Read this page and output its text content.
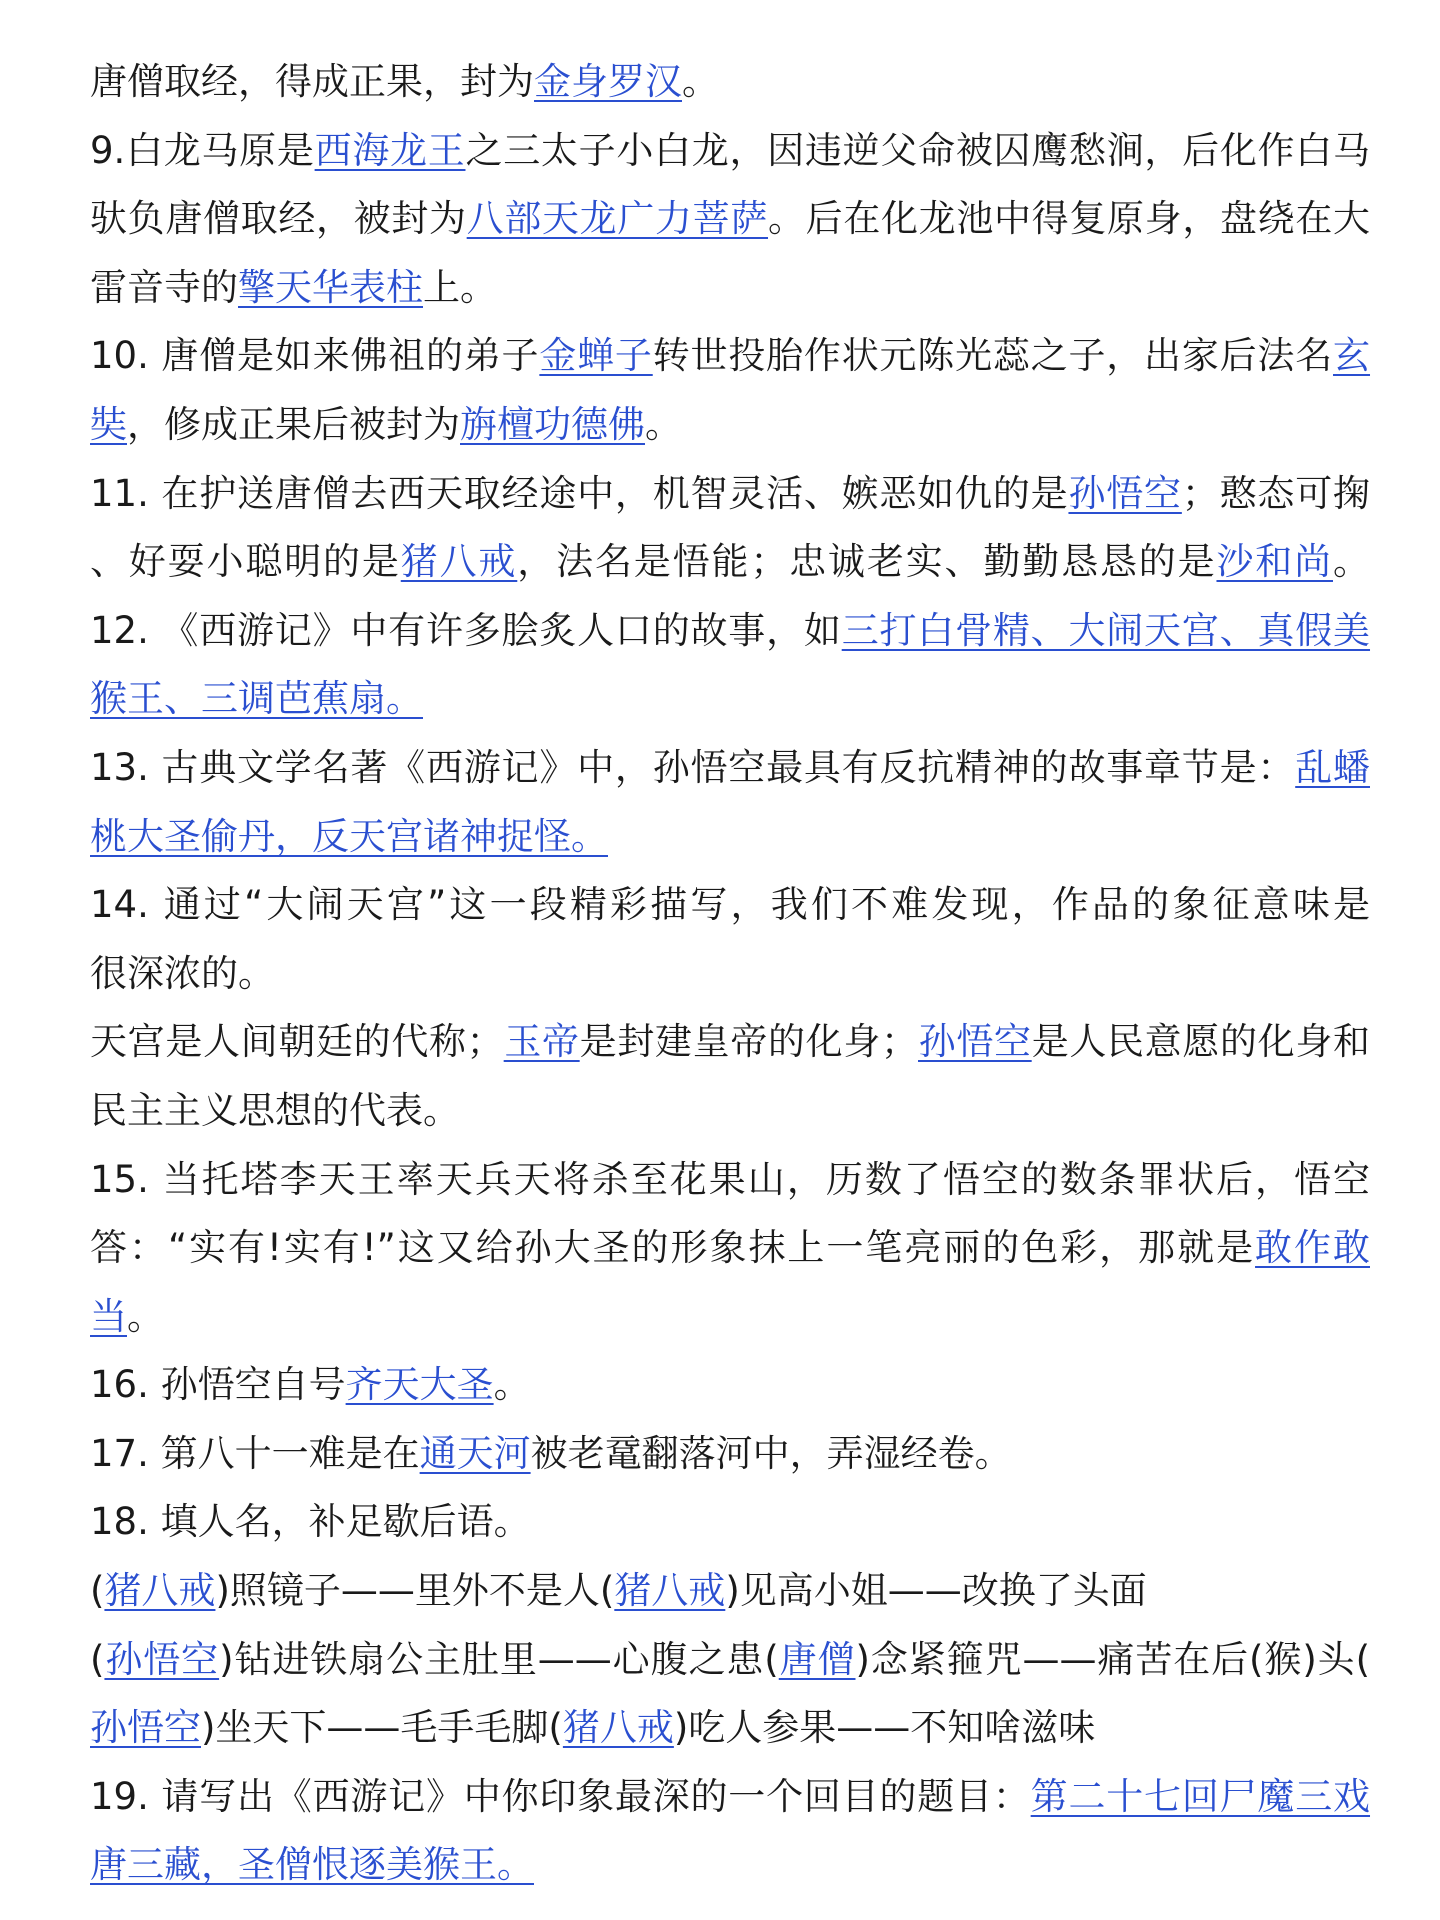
唐僧取经，得成正果，封为金身罗汉。
9.白龙马原是西海龙王之三太子小白龙，因违逆父命被囚鹰愁涧，后化作白马
驮负唐僧取经，被封为八部天龙广力菩萨。后在化龙池中得复原身，盘绕在大
雷音寺的擎天华表柱上。
10. 唐僧是如来佛祖的弟子金蝉子转世投胎作状元陈光蕊之子，出家后法名玄
奘，修成正果后被封为旃檀功德佛。
11. 在护送唐僧去西天取经途中，机智灵活、嫉恶如仇的是孙悟空；憨态可掬
、好耍小聪明的是猪八戒，法名是悟能；忠诚老实、勤勤恳恳的是沙和尚。
12. 《西游记》中有许多脍炙人口的故事，如三打白骨精、大闹天宫、真假美
猴王、三调芭蕉扇。
13. 古典文学名著《西游记》中，孙悟空最具有反抗精神的故事章节是：乱蟠
桃大圣偷丹，反天宫诸神捉怪。
14. 通过“大闹天宫”这一段精彩描写，我们不难发现，作品的象征意味是
很深浓的。
天宫是人间朝廷的代称；玉帝是封建皇帝的化身；孙悟空是人民意愿的化身和
民主主义思想的代表。
15. 当托塔李天王率天兵天将杀至花果山，历数了悟空的数条罪状后，悟空
答：“实有!实有!”这又给孙大圣的形象抹上一笔亮丽的色彩，那就是敢作敢
当。
16. 孙悟空自号齐天大圣。
17. 第八十一难是在通天河被老鼋翻落河中，弄湿经卷。
18. 填人名，补足歇后语。
(猪八戒)照镜子——里外不是人(猪八戒)见高小姐——改换了头面
(孙悟空)钻进铁扇公主肚里——心腹之患(唐僧)念紧箍咒——痛苦在后(猴)头(
孙悟空)坐天下——毛手毛脚(猪八戒)吃人参果——不知啥滋味
19. 请写出《西游记》中你印象最深的一个回目的题目：第二十七回尸魔三戏
唐三藏，圣僧恨逐美猴王。
